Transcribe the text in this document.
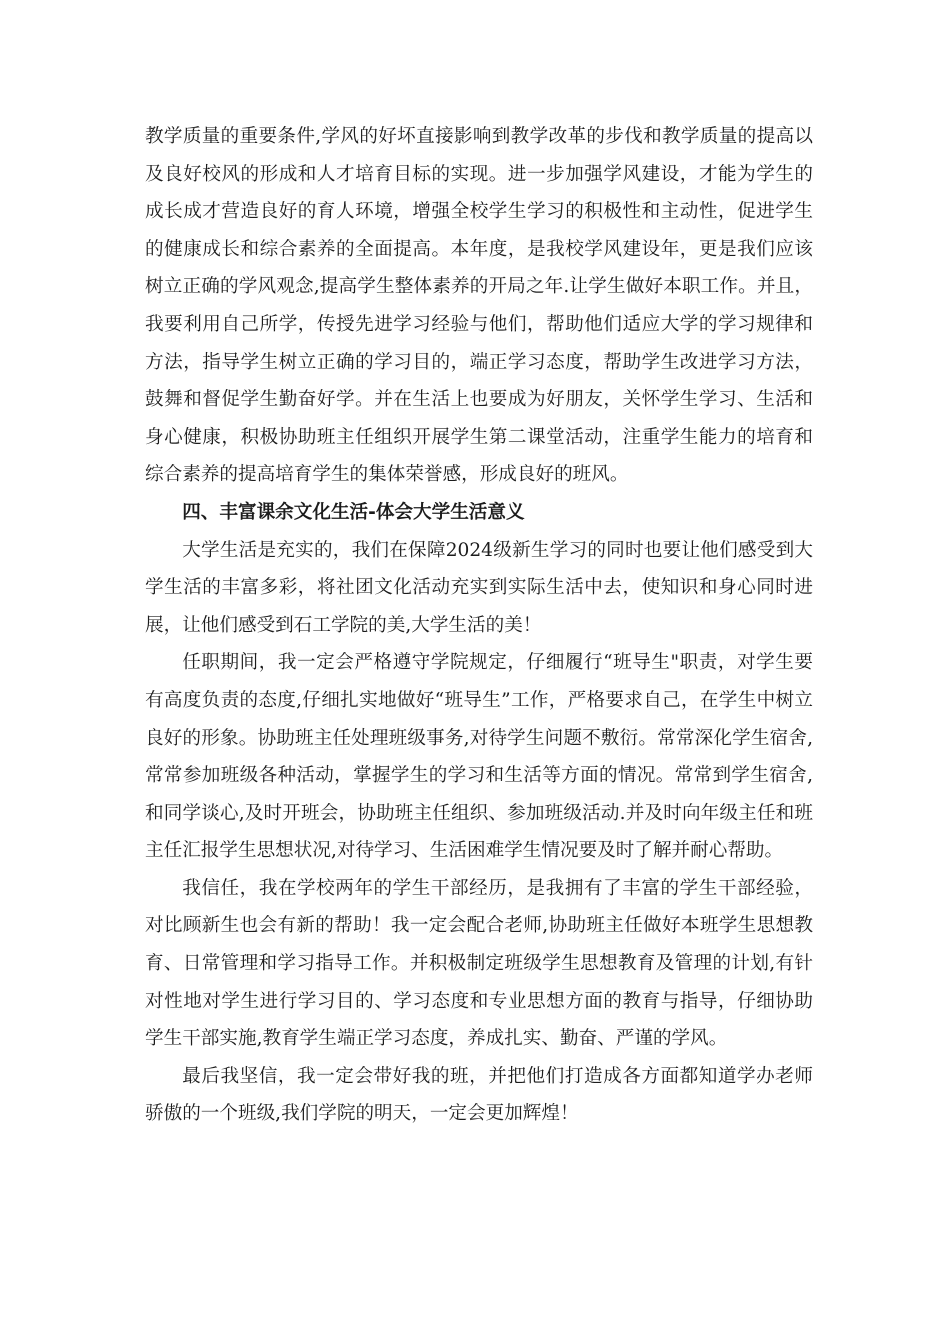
教学质量的重要条件,学风的好坏直接影响到教学改革的步伐和教学质量的提高以及良好校风的形成和人才培育目标的实现。进一步加强学风建设，才能为学生的成长成才营造良好的育人环境，增强全校学生学习的积极性和主动性，促进学生的健康成长和综合素养的全面提高。本年度，是我校学风建设年，更是我们应该树立正确的学风观念,提高学生整体素养的开局之年.让学生做好本职工作。并且，我要利用自己所学，传授先进学习经验与他们，帮助他们适应大学的学习规律和方法，指导学生树立正确的学习目的，端正学习态度，帮助学生改进学习方法，鼓舞和督促学生勤奋好学。并在生活上也要成为好朋友，关怀学生学习、生活和身心健康，积极协助班主任组织开展学生第二课堂活动，注重学生能力的培育和综合素养的提高培育学生的集体荣誉感，形成良好的班风。

四、丰富课余文化生活-体会大学生活意义

大学生活是充实的，我们在保障2024级新生学习的同时也要让他们感受到大学生活的丰富多彩，将社团文化活动充实到实际生活中去，使知识和身心同时进展，让他们感受到石工学院的美,大学生活的美！

任职期间，我一定会严格遵守学院规定，仔细履行“班导生"职责，对学生要有高度负责的态度,仔细扎实地做好“班导生”工作，严格要求自己，在学生中树立良好的形象。协助班主任处理班级事务,对待学生问题不敷衍。常常深化学生宿舍,常常参加班级各种活动，掌握学生的学习和生活等方面的情况。常常到学生宿舍,和同学谈心,及时开班会，协助班主任组织、参加班级活动.并及时向年级主任和班主任汇报学生思想状况,对待学习、生活困难学生情况要及时了解并耐心帮助。

我信任，我在学校两年的学生干部经历，是我拥有了丰富的学生干部经验，对比顾新生也会有新的帮助！我一定会配合老师,协助班主任做好本班学生思想教育、日常管理和学习指导工作。并积极制定班级学生思想教育及管理的计划,有针对性地对学生进行学习目的、学习态度和专业思想方面的教育与指导，仔细协助学生干部实施,教育学生端正学习态度，养成扎实、勤奋、严谨的学风。

最后我坚信，我一定会带好我的班，并把他们打造成各方面都知道学办老师骄傲的一个班级,我们学院的明天，一定会更加辉煌！
